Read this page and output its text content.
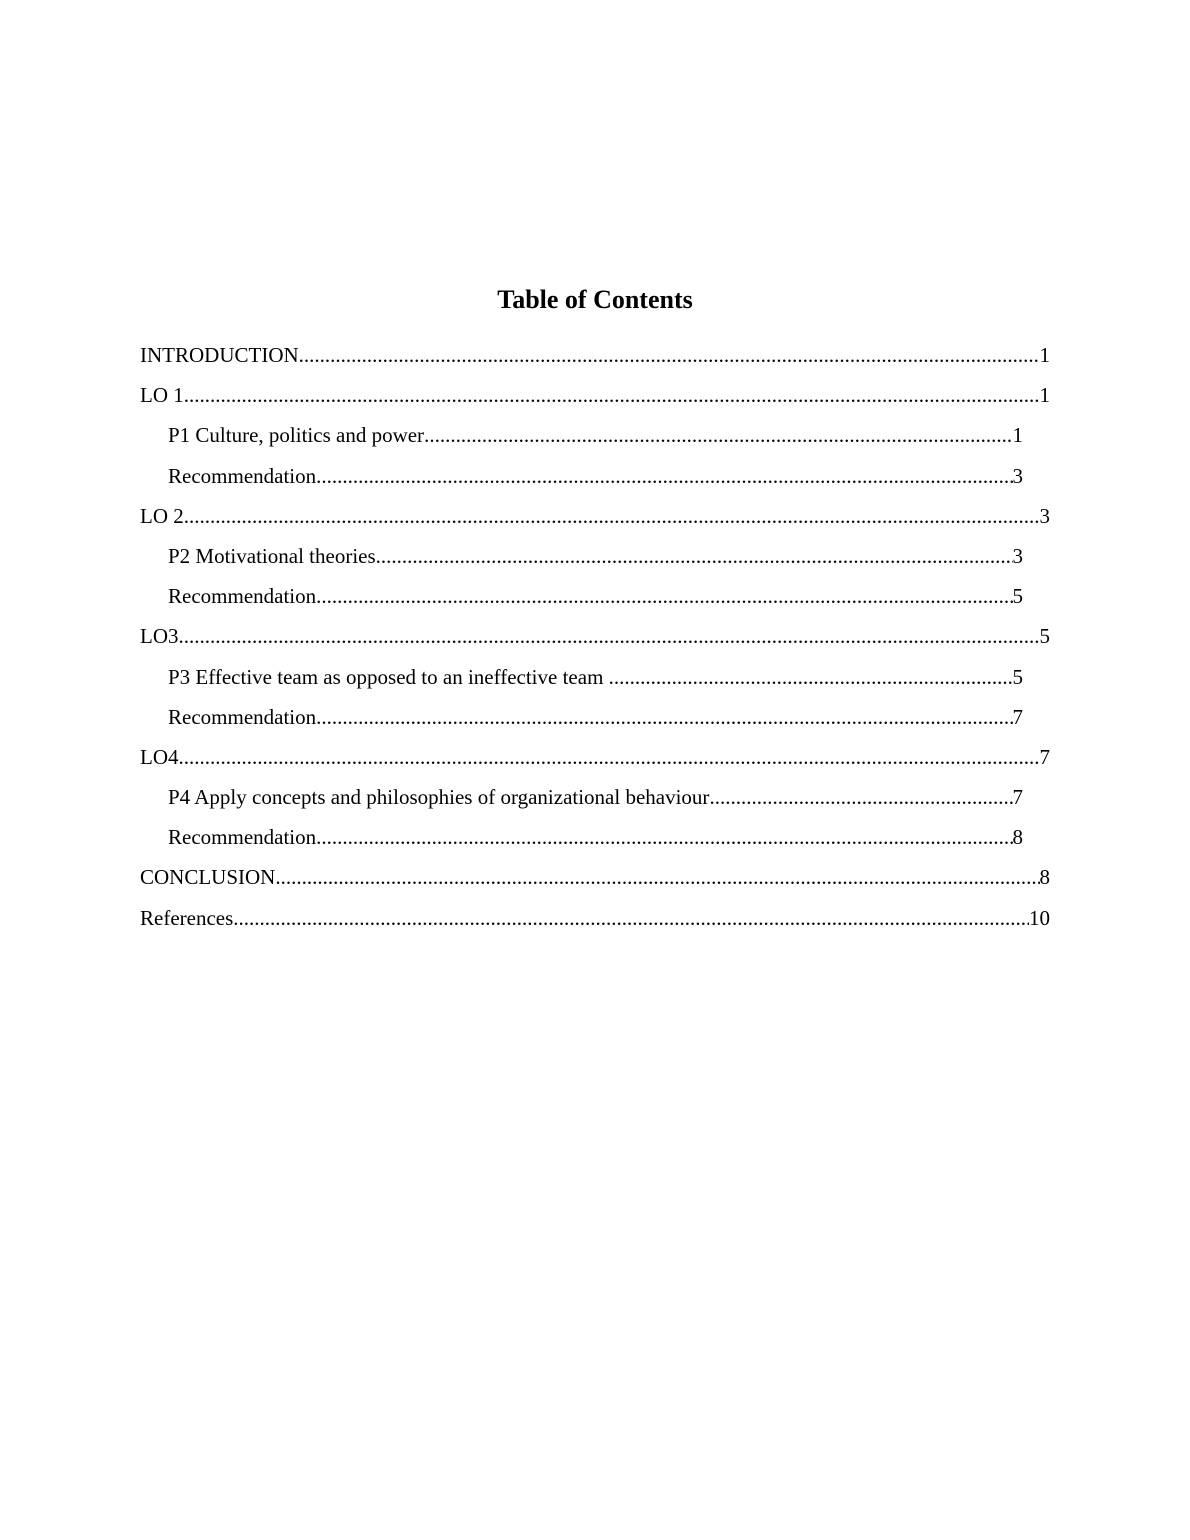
Table of Contents
INTRODUCTION .....	1
LO 1 .....	1
P1 Culture, politics and power .....	1
Recommendation .....	3
LO 2 .....	3
P2 Motivational theories .....	3
Recommendation .....	5
LO3 .....	5
P3 Effective team as opposed to an ineffective team .....	5
Recommendation .....	7
LO4 .....	7
P4 Apply concepts and philosophies of organizational behaviour .....	7
Recommendation .....	8
CONCLUSION .....	8
References .....	10
